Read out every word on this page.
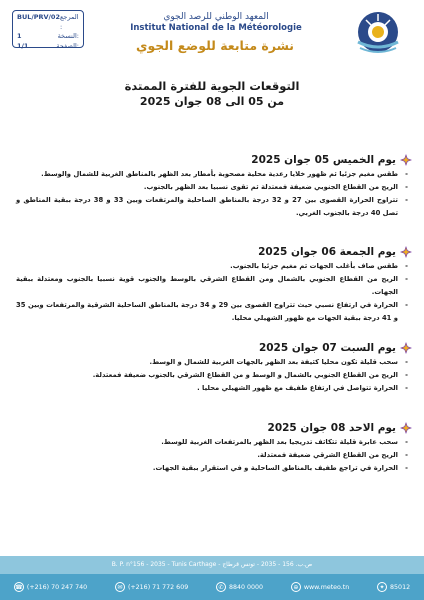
BUL/PRV/02 المرجع :
1	النسخة:
1/1	الصفحة:
المعهد الوطني للرصد الجوي
Institut National de la Météorologie
نشرة متابعة للوضع الجوي
التوقعات الجوية للفترة الممتدة
من 05 الى 08 جوان 2025
يوم الخميس 05 جوان 2025
- طقس مغيم جزئيا ثم ظهور خلايا رعدية محلية مصحوبة بأمطار بعد الظهر بالمناطق الغربية للشمال والوسط.
- الريح من القطاع الجنوبي ضعيفة فمعتدلة ثم تقوى نسبيا بعد الظهر بالجنوب.
- تتراوح الحرارة القصوى بين 27 و 32 درجة بالمناطق الساحلية والمرتفعات وبين 33 و 38 درجة ببقية المناطق و تصل 40 درجة بالجنوب الغربي.
يوم الجمعة 06 جوان 2025
- طقس صاف بأغلب الجهات ثم مغيم جزئيا بالجنوب.
- الريح من القطاع الجنوبي بالشمال ومن القطاع الشرقي بالوسط والجنوب قوية نسبيا بالجنوب ومعتدلة ببقية الجهات.
- الحرارة في ارتفاع نسبي حيث تتراوح القصوى بين 29 و 34 درجة بالمناطق الساحلية الشرقية والمرتفعات وبين 35 و 41 درجة ببقية الجهات مع ظهور الشهيلي محليا.
يوم السبت 07 جوان 2025
- سحب قليلة تكون محليا كثيفة بعد الظهر بالجهات الغربية للشمال و الوسط.
- الريح من القطاع الجنوبي بالشمال و الوسط و من القطاع الشرقي بالجنوب ضعيفة فمعتدلة.
- الحرارة تتواصل في ارتفاع طفيف مع ظهور الشهيلي محليا .
يوم الاحد 08 جوان 2025
- سحب عابرة قليلة تتكاثف تدريجيا بعد الظهر بالمرتفعات الغربية للوسط.
- الريح من القطاع الشرقي ضعيفة فمعتدلة.
- الحرارة في تراجع طفيف بالمناطق الساحلية و في استقرار ببقية الجهات.
B. P. n°156 - 2035 - Tunis Carthage - ص.ب. 156 - 2035 - تونس قرطاج
☎ (+216) 70 247 740	✉ (+216) 71 772 609	✆ 8840 0000	⊕ www.meteo.tn	✦ 85012
